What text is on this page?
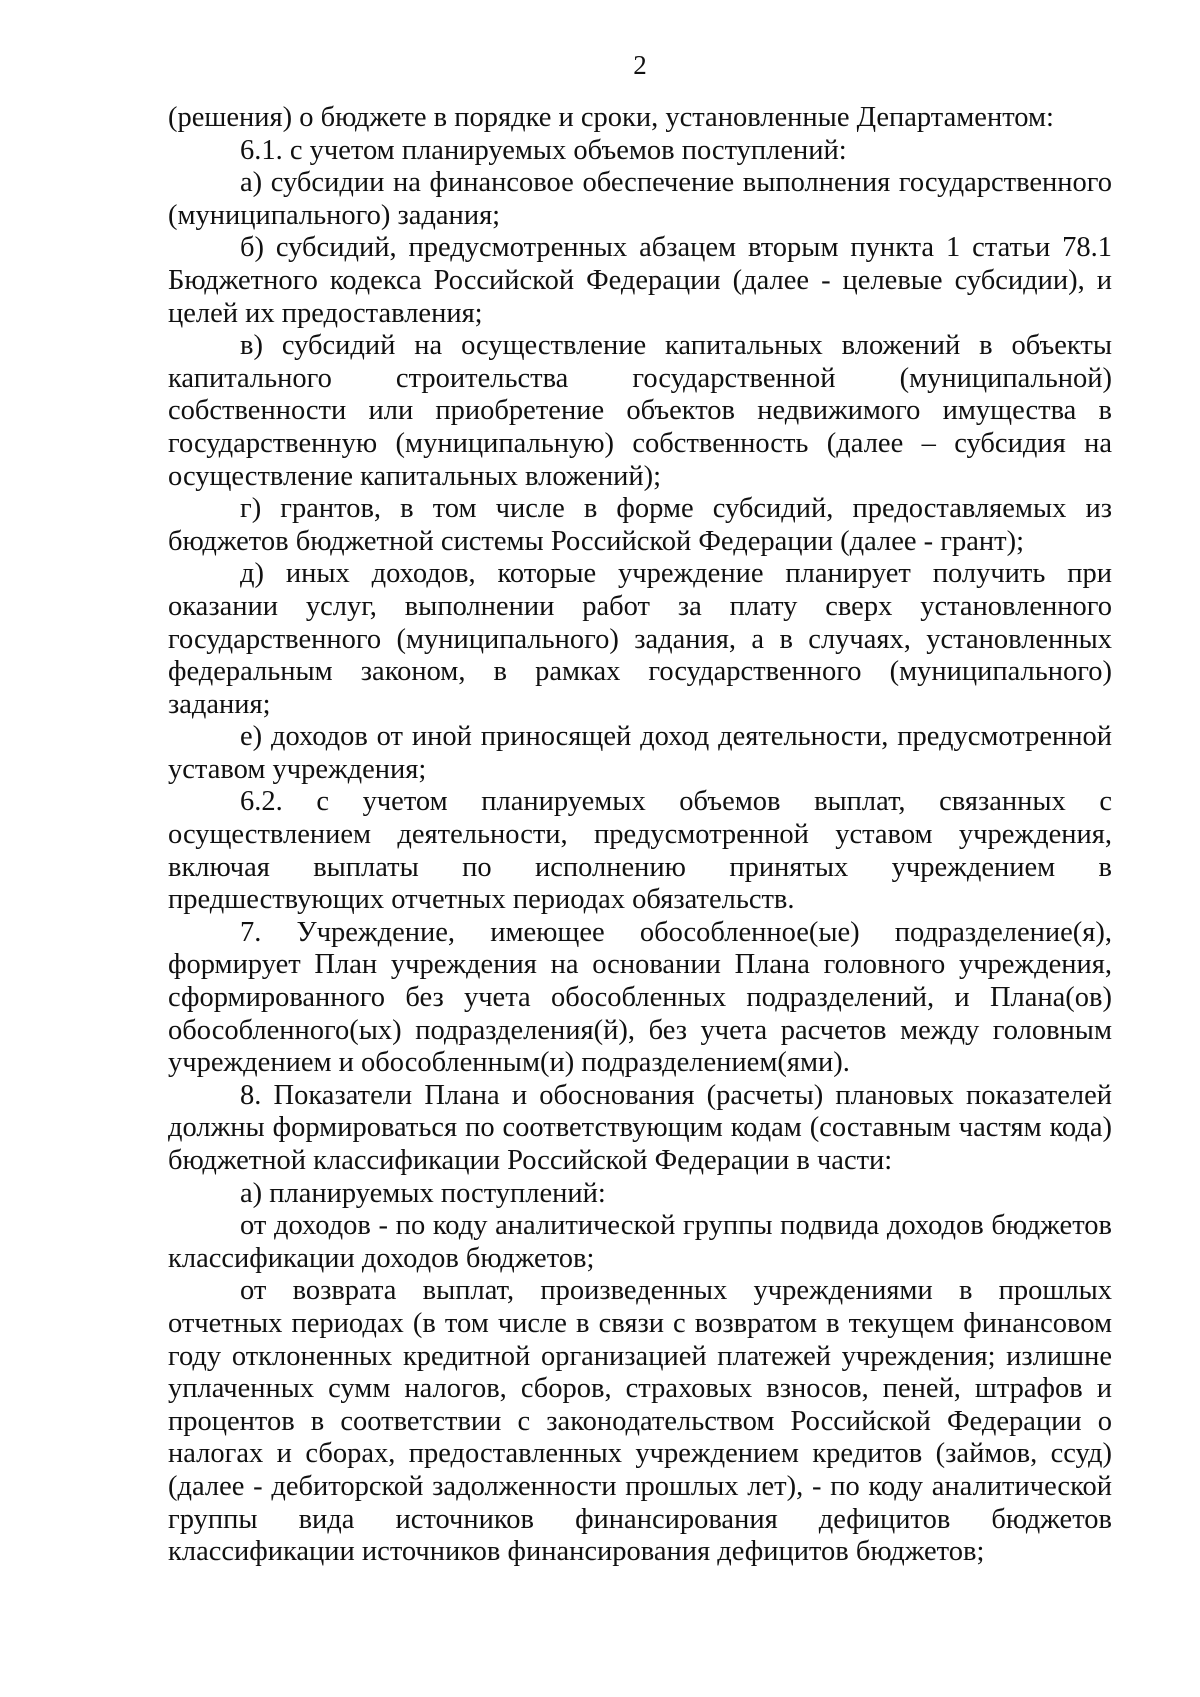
2

(решения) о бюджете в порядке и сроки, установленные Департаментом:

6.1. с учетом планируемых объемов поступлений:

а) субсидии на финансовое обеспечение выполнения государственного (муниципального) задания;

б) субсидий, предусмотренных абзацем вторым пункта 1 статьи 78.1 Бюджетного кодекса Российской Федерации (далее - целевые субсидии), и целей их предоставления;

в) субсидий на осуществление капитальных вложений в объекты капитального строительства государственной (муниципальной) собственности или приобретение объектов недвижимого имущества в государственную (муниципальную) собственность (далее – субсидия на осуществление капитальных вложений);

г) грантов, в том числе в форме субсидий, предоставляемых из бюджетов бюджетной системы Российской Федерации (далее - грант);

д) иных доходов, которые учреждение планирует получить при оказании услуг, выполнении работ за плату сверх установленного государственного (муниципального) задания, а в случаях, установленных федеральным законом, в рамках государственного (муниципального) задания;

е) доходов от иной приносящей доход деятельности, предусмотренной уставом учреждения;

6.2. с учетом планируемых объемов выплат, связанных с осуществлением деятельности, предусмотренной уставом учреждения, включая выплаты по исполнению принятых учреждением в предшествующих отчетных периодах обязательств.

7. Учреждение, имеющее обособленное(ые) подразделение(я), формирует План учреждения на основании Плана головного учреждения, сформированного без учета обособленных подразделений, и Плана(ов) обособленного(ых) подразделения(й), без учета расчетов между головным учреждением и обособленным(и) подразделением(ями).

8. Показатели Плана и обоснования (расчеты) плановых показателей должны формироваться по соответствующим кодам (составным частям кода) бюджетной классификации Российской Федерации в части:

а) планируемых поступлений:

от доходов - по коду аналитической группы подвида доходов бюджетов классификации доходов бюджетов;

от возврата выплат, произведенных учреждениями в прошлых отчетных периодах (в том числе в связи с возвратом в текущем финансовом году отклоненных кредитной организацией платежей учреждения; излишне уплаченных сумм налогов, сборов, страховых взносов, пеней, штрафов и процентов в соответствии с законодательством Российской Федерации о налогах и сборах, предоставленных учреждением кредитов (займов, ссуд) (далее - дебиторской задолженности прошлых лет), - по коду аналитической группы вида источников финансирования дефицитов бюджетов классификации источников финансирования дефицитов бюджетов;
